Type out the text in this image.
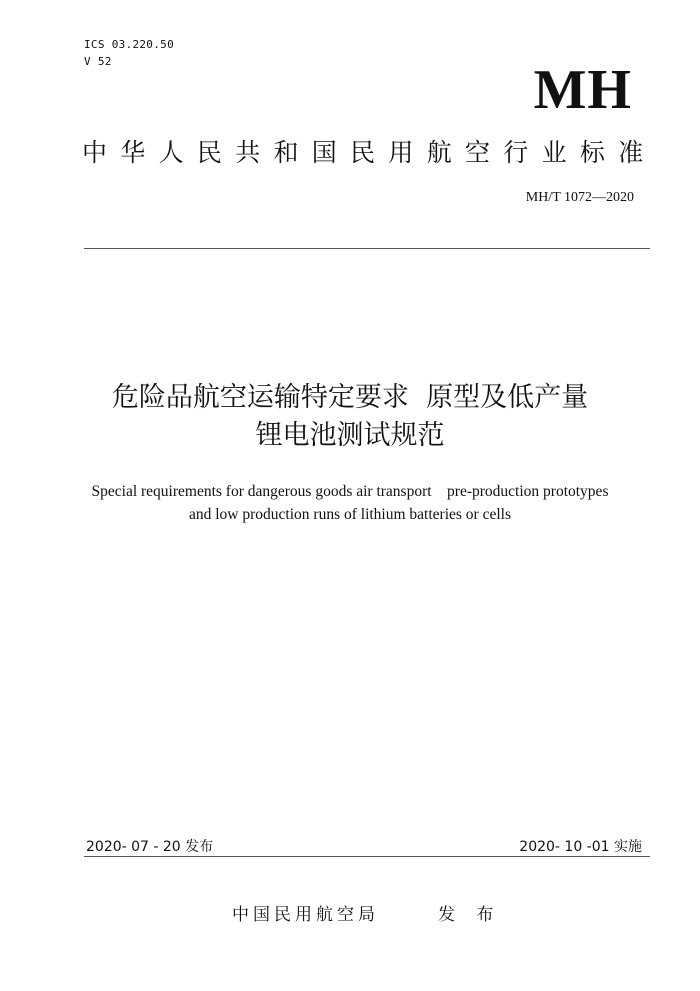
ICS 03.220.50
V 52	MH
中华人民共和国民用航空行业标准
MH/T 1072—2020
危险品航空运输特定要求  原型及低产量
锂电池测试规范
Special requirements for dangerous goods air transport    pre-production prototypes
and low production runs of lithium batteries or cells
2020- 07 - 20 发布	2020- 10 -01 实施
中国民用航空局	发 布
